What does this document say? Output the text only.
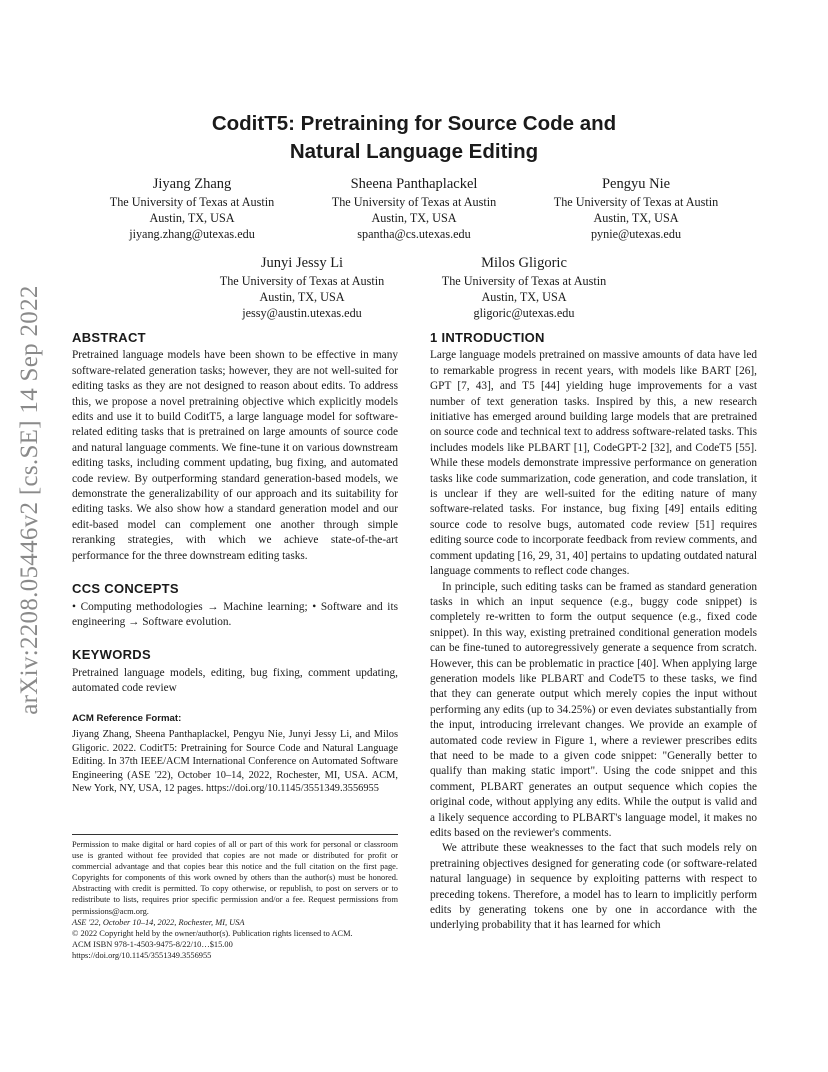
arXiv:2208.05446v2 [cs.SE] 14 Sep 2022
CoditT5: Pretraining for Source Code and
Natural Language Editing
Jiyang Zhang
The University of Texas at Austin
Austin, TX, USA
jiyang.zhang@utexas.edu
Sheena Panthaplackel
The University of Texas at Austin
Austin, TX, USA
spantha@cs.utexas.edu
Pengyu Nie
The University of Texas at Austin
Austin, TX, USA
pynie@utexas.edu
Junyi Jessy Li
The University of Texas at Austin
Austin, TX, USA
jessy@austin.utexas.edu
Milos Gligoric
The University of Texas at Austin
Austin, TX, USA
gligoric@utexas.edu
ABSTRACT

Pretrained language models have been shown to be effective in many software-related generation tasks; however, they are not well-suited for editing tasks as they are not designed to reason about edits. To address this, we propose a novel pretraining objective which explicitly models edits and use it to build CoditT5, a large language model for software-related editing tasks that is pretrained on large amounts of source code and natural language comments. We fine-tune it on various downstream editing tasks, including comment updating, bug fixing, and automated code review. By outperforming standard generation-based models, we demonstrate the generalizability of our approach and its suitability for editing tasks. We also show how a standard generation model and our edit-based model can complement one another through simple reranking strategies, with which we achieve state-of-the-art performance for the three downstream editing tasks.

CCS CONCEPTS

• Computing methodologies → Machine learning; • Software and its engineering → Software evolution.

KEYWORDS

Pretrained language models, editing, bug fixing, comment updating, automated code review

ACM Reference Format:

Jiyang Zhang, Sheena Panthaplackel, Pengyu Nie, Junyi Jessy Li, and Milos Gligoric. 2022. CoditT5: Pretraining for Source Code and Natural Language Editing. In 37th IEEE/ACM International Conference on Automated Software Engineering (ASE '22), October 10–14, 2022, Rochester, MI, USA. ACM, New York, NY, USA, 12 pages. https://doi.org/10.1145/3551349.3556955

Permission to make digital or hard copies of all or part of this work for personal or classroom use is granted without fee provided that copies are not made or distributed for profit or commercial advantage and that copies bear this notice and the full citation on the first page. Copyrights for components of this work owned by others than the author(s) must be honored. Abstracting with credit is permitted. To copy otherwise, or republish, to post on servers or to redistribute to lists, requires prior specific permission and/or a fee. Request permissions from permissions@acm.org.

ASE '22, October 10–14, 2022, Rochester, MI, USA

© 2022 Copyright held by the owner/author(s). Publication rights licensed to ACM.

ACM ISBN 978-1-4503-9475-8/22/10…$15.00

https://doi.org/10.1145/3551349.3556955

1 INTRODUCTION

Large language models pretrained on massive amounts of data have led to remarkable progress in recent years, with models like BART [26], GPT [7, 43], and T5 [44] yielding huge improvements for a vast number of text generation tasks. Inspired by this, a new research initiative has emerged around building large models that are pretrained on source code and technical text to address software-related tasks. This includes models like PLBART [1], CodeGPT-2 [32], and CodeT5 [55]. While these models demonstrate impressive performance on generation tasks like code summarization, code generation, and code translation, it is unclear if they are well-suited for the editing nature of many software-related tasks. For instance, bug fixing [49] entails editing source code to resolve bugs, automated code review [51] requires editing source code to incorporate feedback from review comments, and comment updating [16, 29, 31, 40] pertains to updating outdated natural language comments to reflect code changes.

In principle, such editing tasks can be framed as standard generation tasks in which an input sequence (e.g., buggy code snippet) is completely re-written to form the output sequence (e.g., fixed code snippet). In this way, existing pretrained conditional generation models can be fine-tuned to autoregressively generate a sequence from scratch. However, this can be problematic in practice [40]. When applying large generation models like PLBART and CodeT5 to these tasks, we find that they can generate output which merely copies the input without performing any edits (up to 34.25%) or even deviates substantially from the input, introducing irrelevant changes. We provide an example of automated code review in Figure 1, where a reviewer prescribes edits that need to be made to a given code snippet: "Generally better to qualify than making static import". Using the code snippet and this comment, PLBART generates an output sequence which copies the original code, without applying any edits. While the output is valid and a likely sequence according to PLBART's language model, it makes no edits based on the reviewer's comments.

We attribute these weaknesses to the fact that such models rely on pretraining objectives designed for generating code (or software-related natural language) in sequence by exploiting patterns with respect to preceding tokens. Therefore, a model has to learn to implicitly perform edits by generating tokens one by one in accordance with the underlying probability that it has learned for which
